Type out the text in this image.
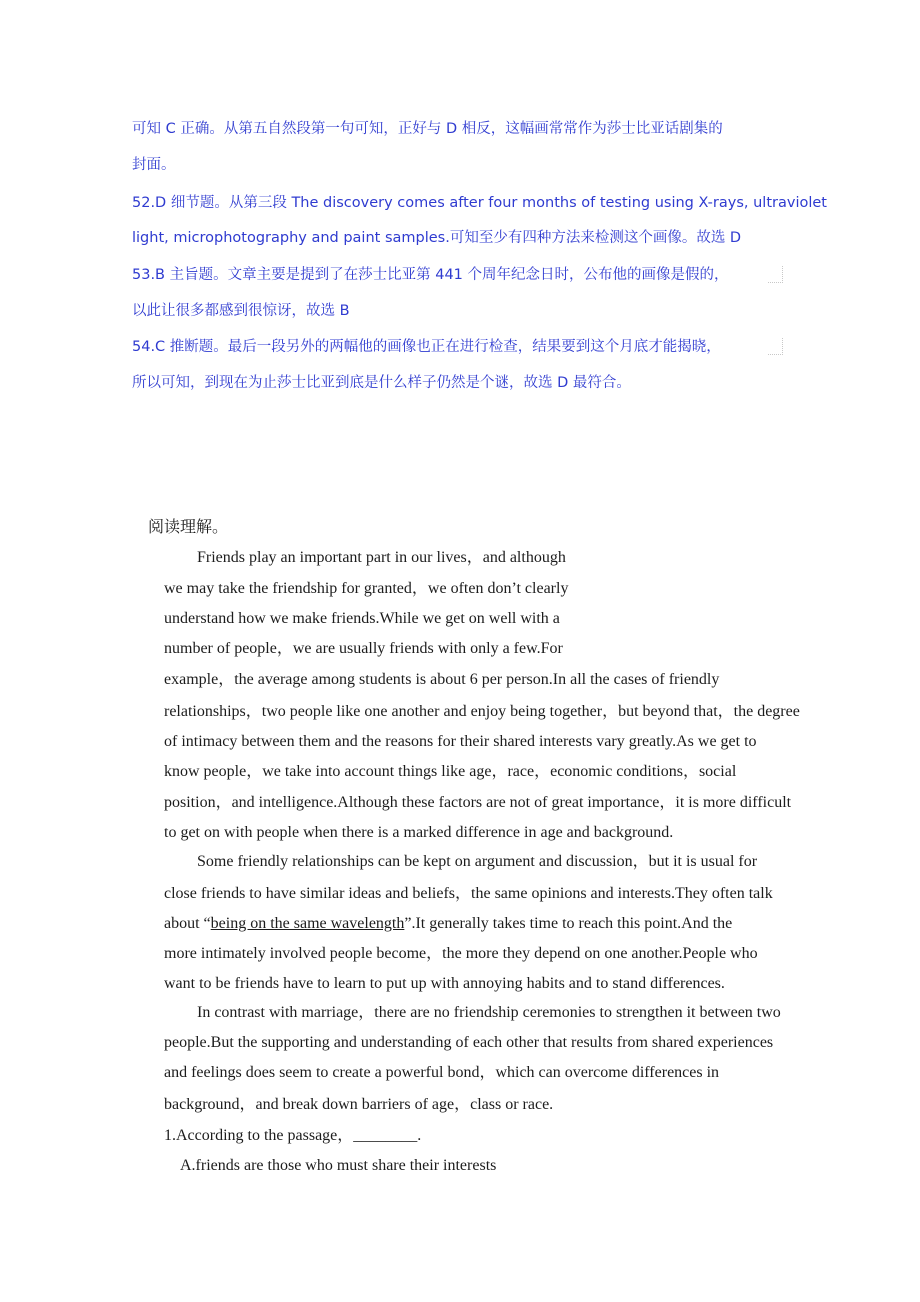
可知 C 正确。从第五自然段第一句可知，正好与 D 相反，这幅画常常作为莎士比亚话剧集的
封面。
52.D 细节题。从第三段 The discovery comes after four months of testing using X-rays, ultraviolet
light, microphotography and paint samples.可知至少有四种方法来检测这个画像。故选 D
53.B 主旨题。文章主要是提到了在莎士比亚第 441 个周年纪念日时，公布他的画像是假的，
以此让很多都感到很惊讶，故选 B
54.C 推断题。最后一段另外的两幅他的画像也正在进行检查，结果要到这个月底才能揭晓，
所以可知，到现在为止莎士比亚到底是什么样子仍然是个谜，故选 D 最符合。
阅读理解。
Friends play an important part in our lives，and although
we may take the friendship for granted，we often don’t clearly
understand how we make friends.While we get on well with a
number of people，we are usually friends with only a few.For
example，the average among students is about 6 per person.In all the cases of friendly
relationships，two people like one another and enjoy being together，but beyond that，the degree
of intimacy between them and the reasons for their shared interests vary greatly.As we get to
know people，we take into account things like age，race，economic conditions，social
position，and intelligence.Although these factors are not of great importance，it is more difficult
to get on with people when there is a marked difference in age and background.
Some friendly relationships can be kept on argument and discussion，but it is usual for
close friends to have similar ideas and beliefs，the same opinions and interests.They often talk
about “being on the same wavelength”.It generally takes time to reach this point.And the
more intimately involved people become，the more they depend on one another.People who
want to be friends have to learn to put up with annoying habits and to stand differences.
In contrast with marriage，there are no friendship ceremonies to strengthen it between two
people.But the supporting and understanding of each other that results from shared experiences
and feelings does seem to create a powerful bond，which can overcome differences in
background，and break down barriers of age，class or race.
1.According to the passage，________.
A.friends are those who must share their interests
